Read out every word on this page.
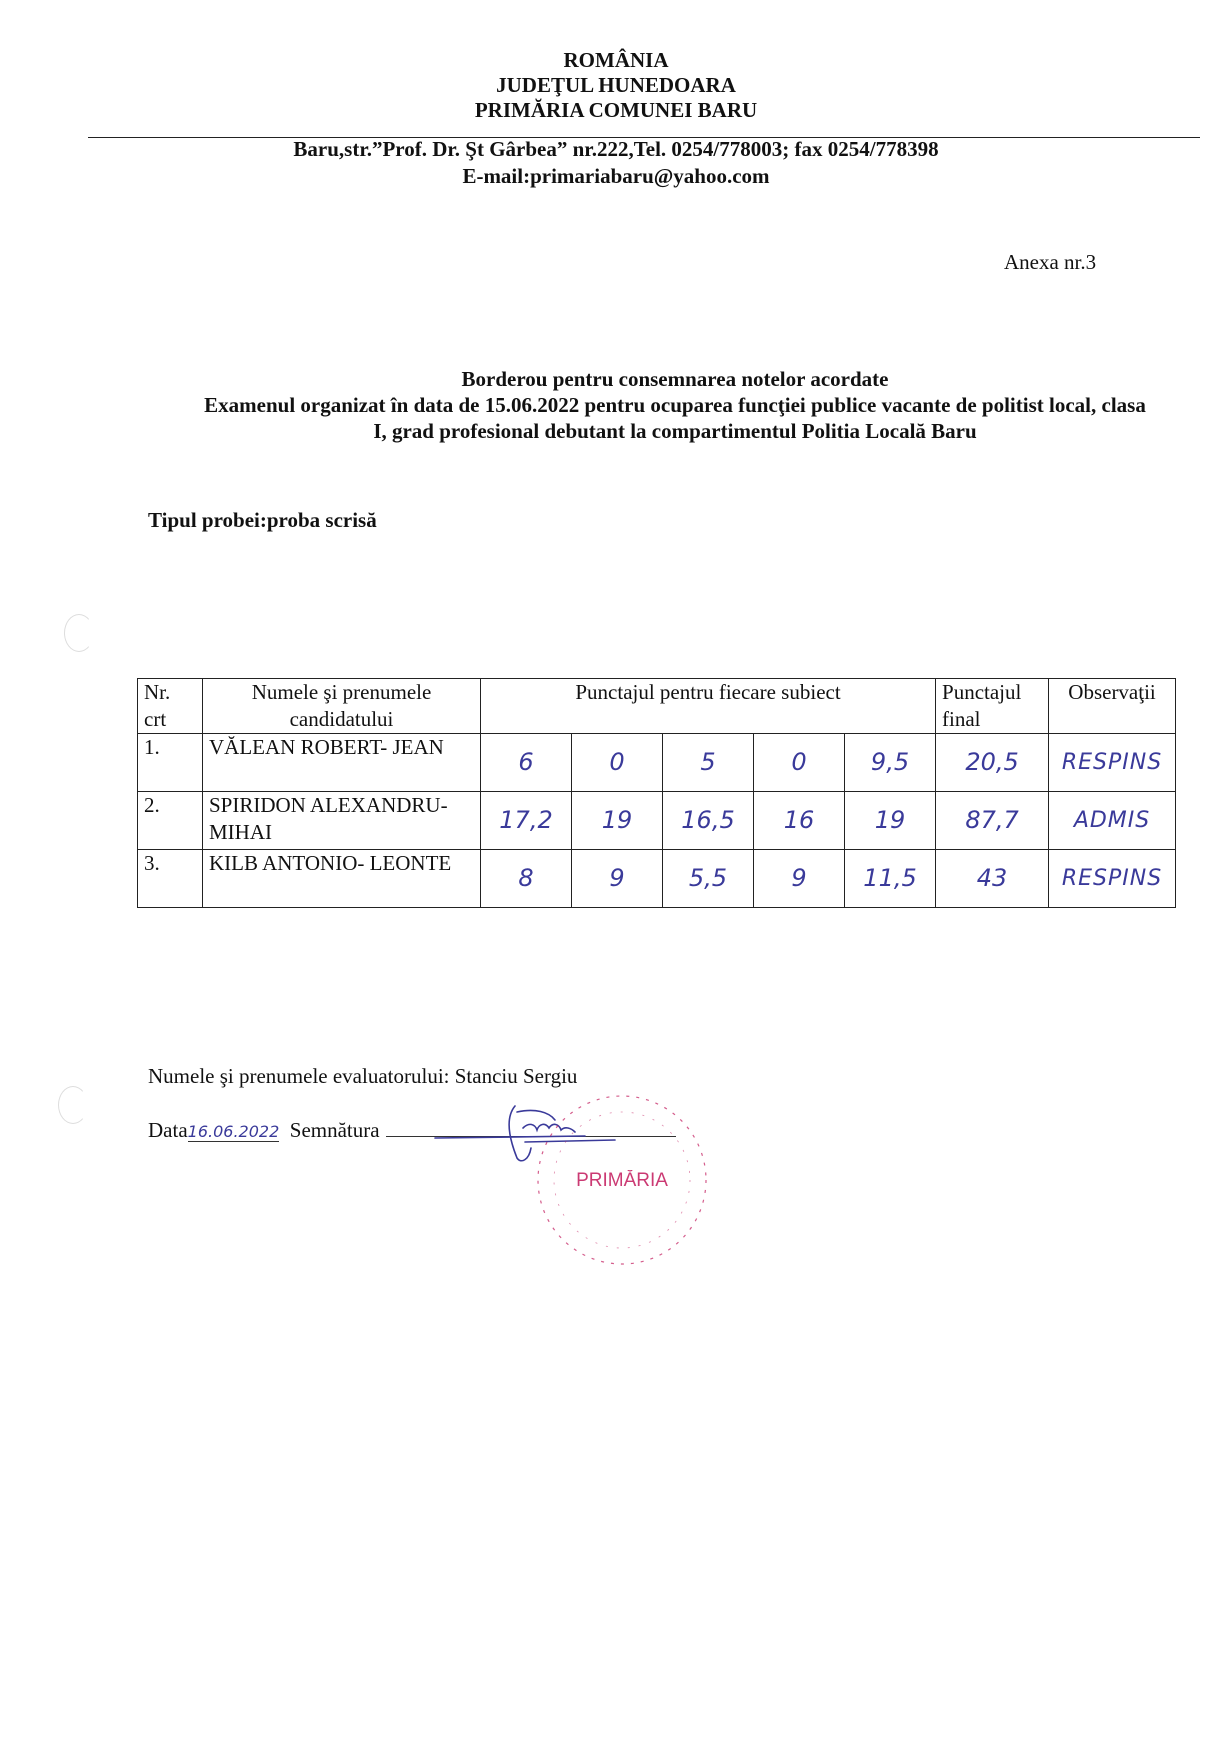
ROMÂNIA
JUDEŢUL HUNEDOARA
PRIMĂRIA COMUNEI BARU
Baru,str.”Prof. Dr. Şt Gârbea” nr.222,Tel. 0254/778003; fax 0254/778398
E-mail:primariabaru@yahoo.com
Anexa nr.3
Borderou pentru consemnarea notelor acordate
Examenul organizat în data de 15.06.2022 pentru ocuparea funcţiei publice vacante de politist local, clasa I, grad profesional debutant la compartimentul Politia Locală Baru
Tipul probei:proba scrisă
Nr. crt	Numele şi prenumele candidatului	Punctajul pentru fiecare subiect					Punctajul final	Observaţii
1.	VĂLEAN ROBERT- JEAN	6	0	5	0	9,5	20,5	RESPINS
2.	SPIRIDON ALEXANDRU- MIHAI	17,2	19	16,5	16	19	87,7	ADMIS
3.	KILB ANTONIO- LEONTE	8	9	5,5	9	11,5	43	RESPINS
Numele şi prenumele evaluatorului: Stanciu Sergiu
Data16.06.2022 Semnătura
PRIMĂRIA
